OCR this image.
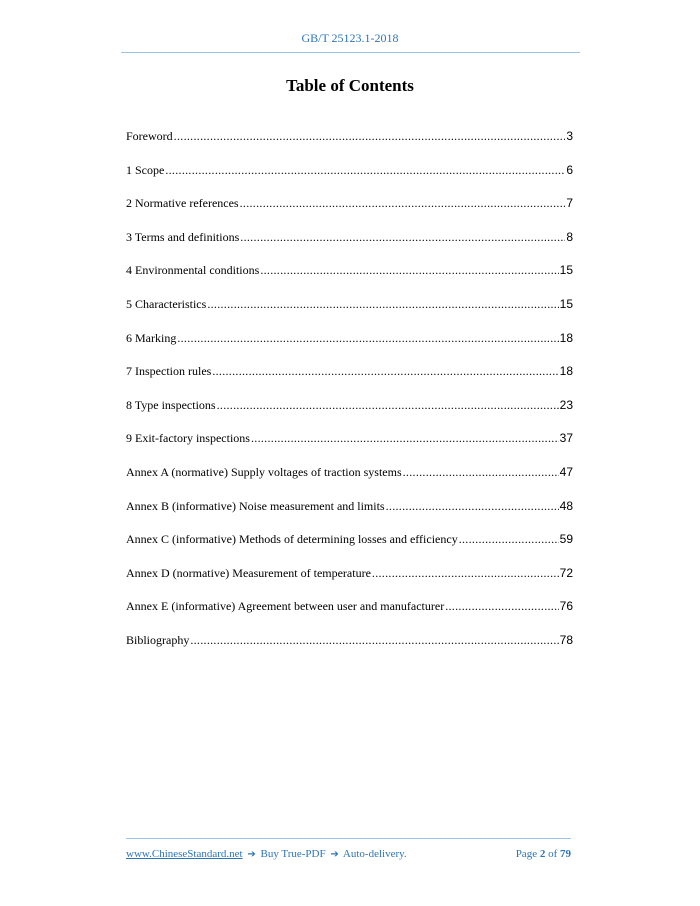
GB/T 25123.1-2018
Table of Contents
Foreword .....	3
1 Scope .....	6
2 Normative references .....	7
3 Terms and definitions .....	8
4 Environmental conditions .....	15
5 Characteristics .....	15
6 Marking .....	18
7 Inspection rules .....	18
8 Type inspections .....	23
9 Exit-factory inspections .....	37
Annex A (normative) Supply voltages of traction systems .....	47
Annex B (informative) Noise measurement and limits .....	48
Annex C (informative) Methods of determining losses and efficiency .....	59
Annex D (normative) Measurement of temperature .....	72
Annex E (informative) Agreement between user and manufacturer .....	76
Bibliography .....	78
www.ChineseStandard.net ➔ Buy True-PDF ➔ Auto-delivery.	Page 2 of 79
